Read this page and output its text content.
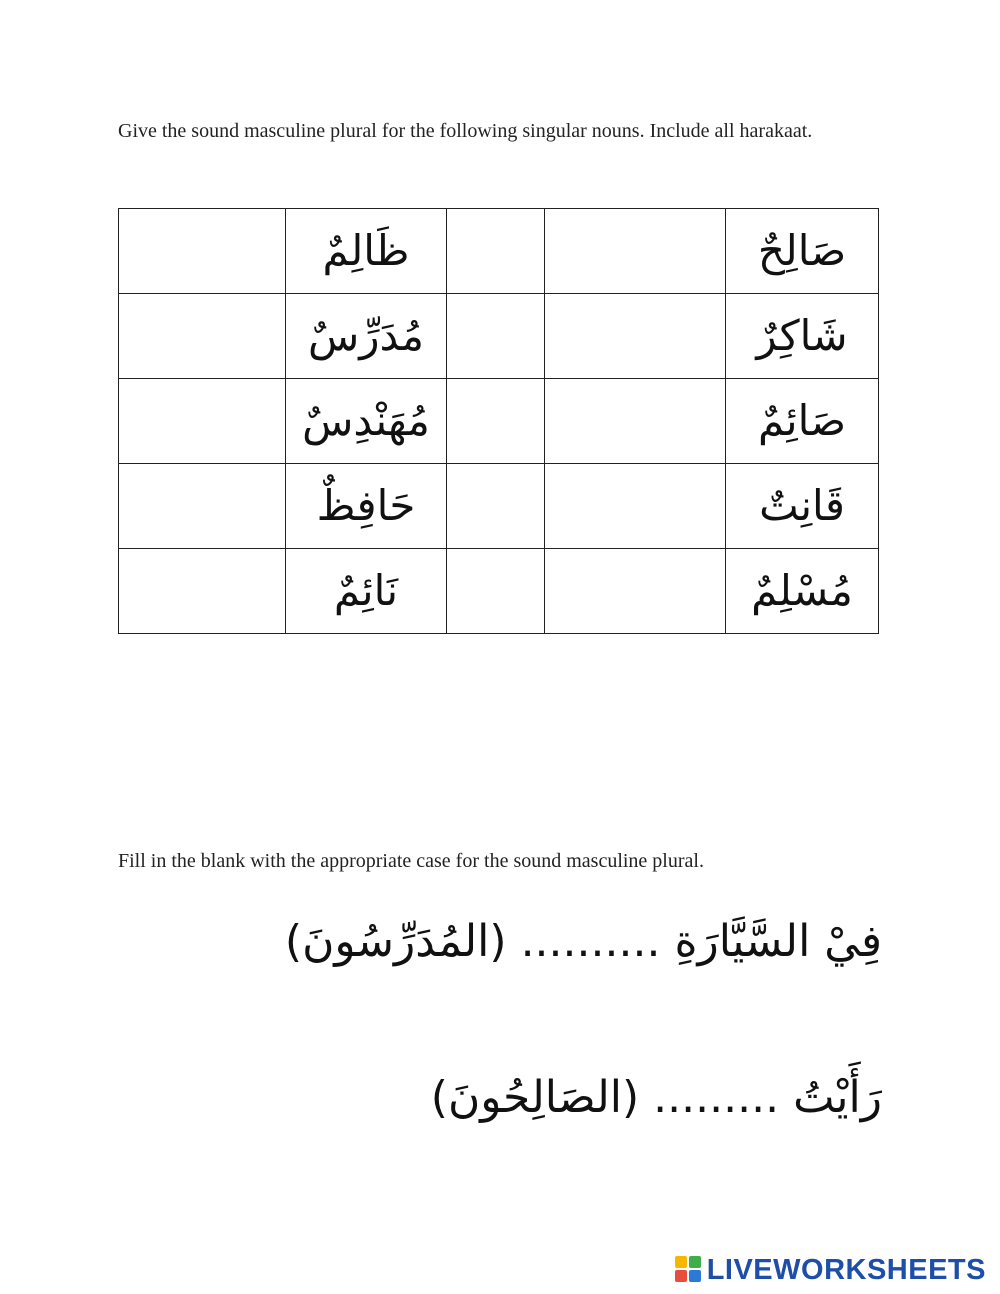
Give the sound masculine plural for the following singular nouns. Include all harakaat.
	ظَالِمٌ			صَالِحٌ
	مُدَرِّسٌ			شَاكِرٌ
	مُهَنْدِسٌ			صَائِمٌ
	حَافِظٌ			قَانِتٌ
	نَائِمٌ			مُسْلِمٌ
Fill in the blank with the appropriate case for the sound masculine plural.
فِيْ السَّيَّارَةِ .......... (المُدَرِّسُونَ)
رَأَيْتُ ......... (الصَالِحُونَ)
LIVEWORKSHEETS
